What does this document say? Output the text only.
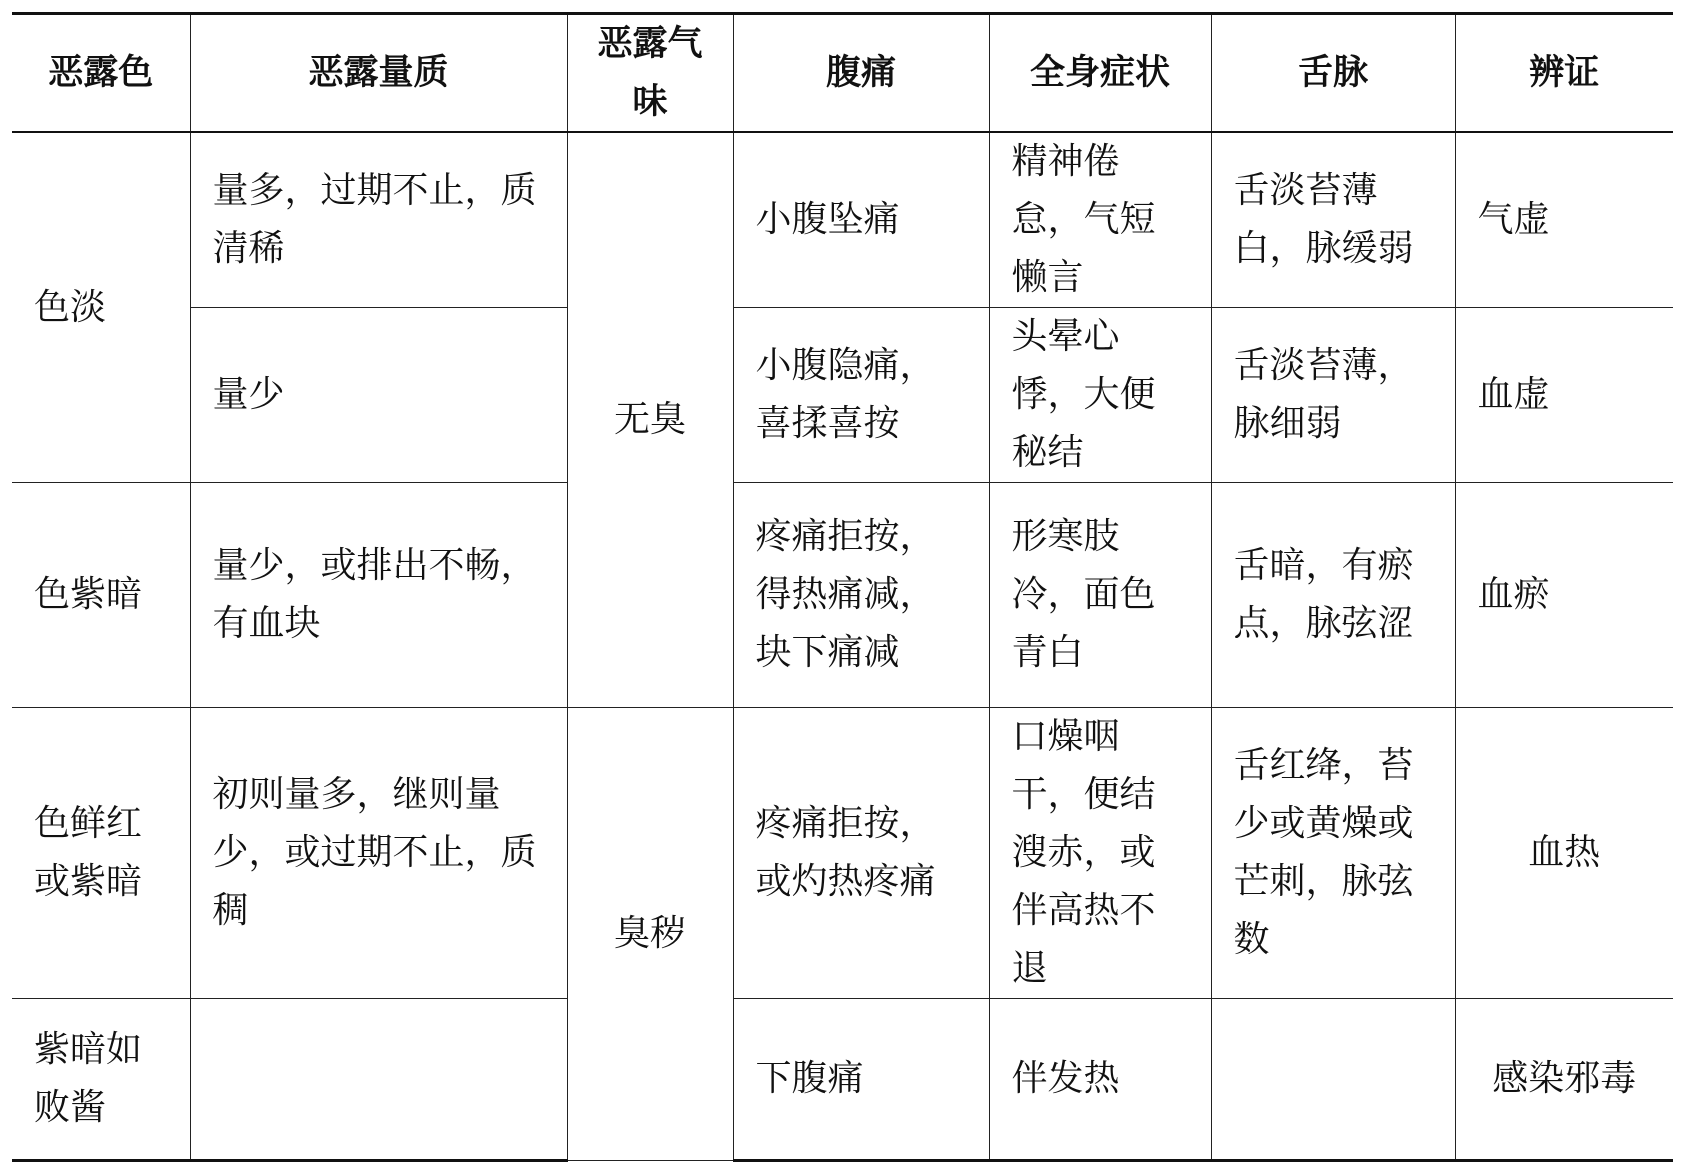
恶露色	恶露量质	恶露气味	腹痛	全身症状	舌脉	辨证
色淡	量多，过期不止，质清稀	无臭	小腹坠痛	精神倦怠，气短懒言	舌淡苔薄白，脉缓弱	气虚
	量少		小腹隐痛，喜揉喜按	头晕心悸，大便秘结	舌淡苔薄，脉细弱	血虚
色紫暗	量少，或排出不畅，有血块		疼痛拒按，得热痛减，块下痛减	形寒肢冷，面色青白	舌暗，有瘀点，脉弦涩	血瘀
色鲜红或紫暗	初则量多，继则量少，或过期不止，质稠	臭秽	疼痛拒按，或灼热疼痛	口燥咽干，便结溲赤，或伴高热不退	舌红绛，苔少或黄燥或芒刺，脉弦数	血热
紫暗如败酱			下腹痛	伴发热		感染邪毒
